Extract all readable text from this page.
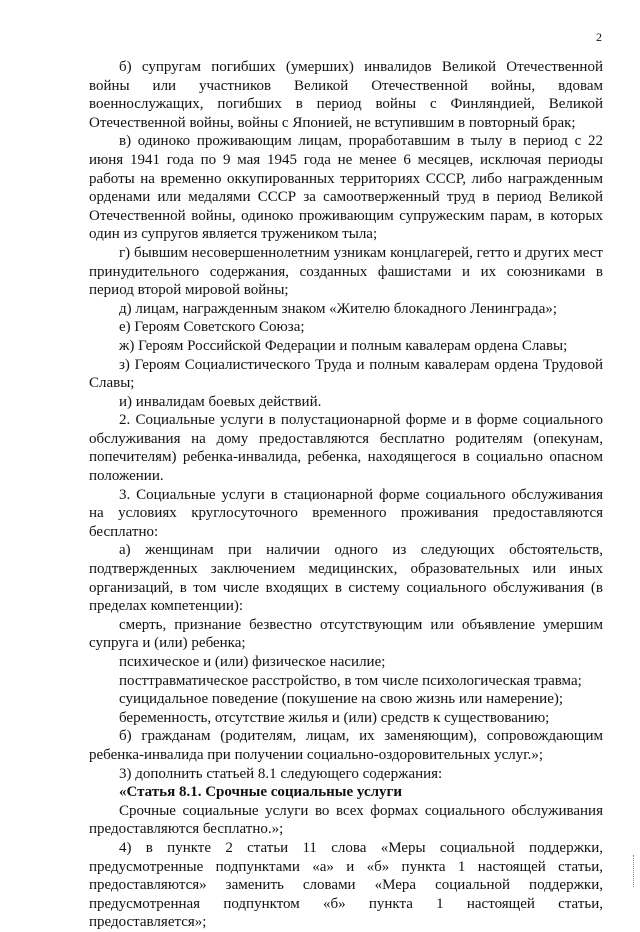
2

б) супругам погибших (умерших) инвалидов Великой Отечественной войны или участников Великой Отечественной войны, вдовам военнослужащих, погибших в период войны с Финляндией, Великой Отечественной войны, войны с Японией, не вступившим в повторный брак;

в) одиноко проживающим лицам, проработавшим в тылу в период с 22 июня 1941 года по 9 мая 1945 года не менее 6 месяцев, исключая периоды работы на временно оккупированных территориях СССР, либо награжденным орденами или медалями СССР за самоотверженный труд в период Великой Отечественной войны, одиноко проживающим супружеским парам, в которых один из супругов является тружеником тыла;

г) бывшим несовершеннолетним узникам концлагерей, гетто и других мест принудительного содержания, созданных фашистами и их союзниками в период второй мировой войны;

д) лицам, награжденным знаком «Жителю блокадного Ленинграда»;

е) Героям Советского Союза;

ж) Героям Российской Федерации и полным кавалерам ордена Славы;

з) Героям Социалистического Труда и полным кавалерам ордена Трудовой Славы;

и) инвалидам боевых действий.

2. Социальные услуги в полустационарной форме и в форме социального обслуживания на дому предоставляются бесплатно родителям (опекунам, попечителям) ребенка-инвалида, ребенка, находящегося в социально опасном положении.

3. Социальные услуги в стационарной форме социального обслуживания на условиях круглосуточного временного проживания предоставляются бесплатно:

а) женщинам при наличии одного из следующих обстоятельств, подтвержденных заключением медицинских, образовательных или иных организаций, в том числе входящих в систему социального обслуживания (в пределах компетенции):

смерть, признание безвестно отсутствующим или объявление умершим супруга и (или) ребенка;

психическое и (или) физическое насилие;

посттравматическое расстройство, в том числе психологическая травма;

суицидальное поведение (покушение на свою жизнь или намерение);

беременность, отсутствие жилья и (или) средств к существованию;

б) гражданам (родителям, лицам, их заменяющим), сопровождающим ребенка-инвалида при получении социально-оздоровительных услуг.»;

3) дополнить статьей 8.1 следующего содержания:

«Статья 8.1. Срочные социальные услуги

Срочные социальные услуги во всех формах социального обслуживания предоставляются бесплатно.»;

4) в пункте 2 статьи 11 слова «Меры социальной поддержки, предусмотренные подпунктами «а» и «б» пункта 1 настоящей статьи, предоставляются» заменить словами «Мера социальной поддержки, предусмотренная подпунктом «б» пункта 1 настоящей статьи, предоставляется»;
